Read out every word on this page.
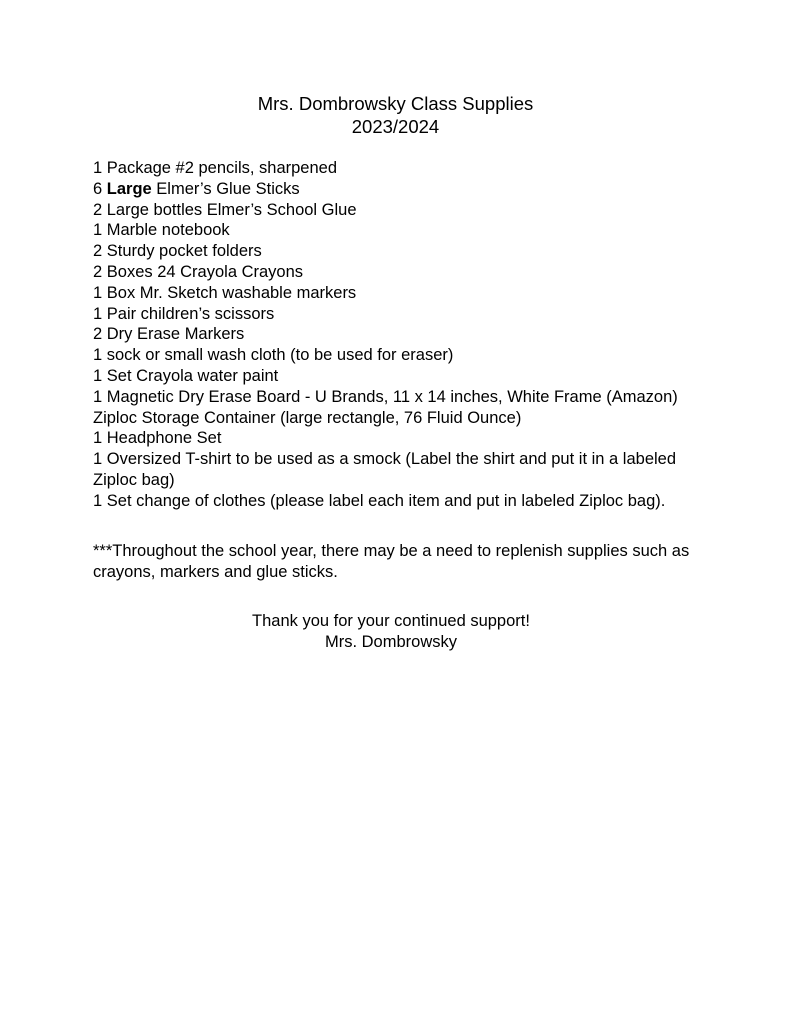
Mrs. Dombrowsky Class Supplies
2023/2024
1 Package #2 pencils, sharpened
6 Large Elmer’s Glue Sticks
2 Large bottles Elmer’s School Glue
1 Marble notebook
2 Sturdy pocket folders
2 Boxes 24 Crayola Crayons
1 Box Mr. Sketch washable markers
1 Pair children’s scissors
2 Dry Erase Markers
1 sock or small wash cloth (to be used for eraser)
1 Set Crayola water paint
1 Magnetic Dry Erase Board - U Brands, 11 x 14 inches, White Frame (Amazon)
Ziploc Storage Container (large rectangle, 76 Fluid Ounce)
1 Headphone Set
1 Oversized T-shirt to be used as a smock (Label the shirt and put it in a labeled Ziploc bag)
1 Set change of clothes (please label each item and put in labeled Ziploc bag).

***Throughout the school year, there may be a need to replenish supplies such as crayons, markers and glue sticks.

Thank you for your continued support!
Mrs. Dombrowsky
